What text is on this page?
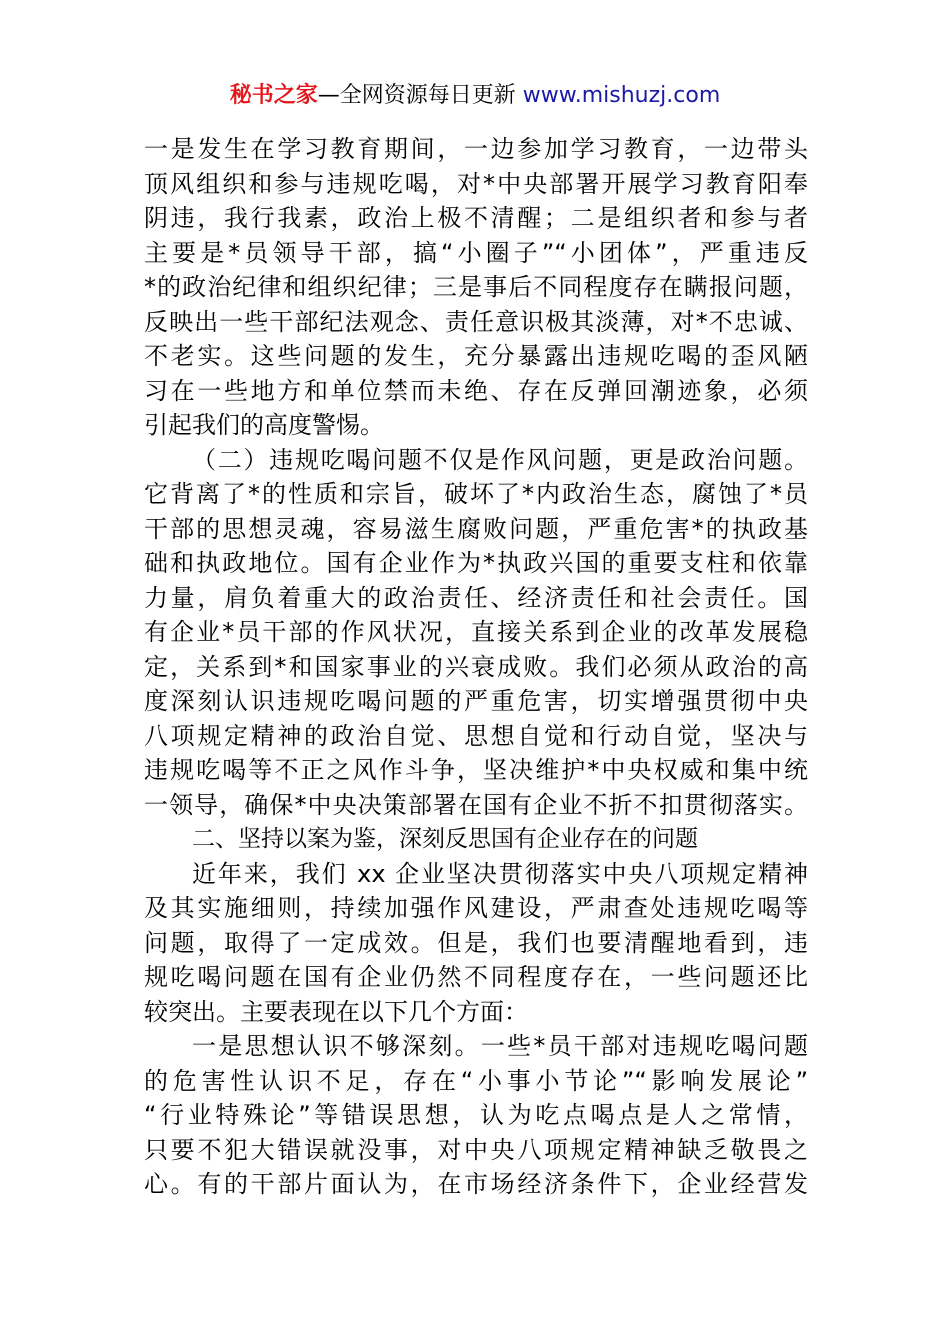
秘书之家—全网资源每日更新 www.mishuzj.com
一是发生在学习教育期间，一边参加学习教育，一边带头
顶风组织和参与违规吃喝，对*中央部署开展学习教育阳奉
阴违，我行我素，政治上极不清醒；二是组织者和参与者
主要是*员领导干部，搞“小圈子”“小团体”，严重违反
*的政治纪律和组织纪律；三是事后不同程度存在瞒报问题，
反映出一些干部纪法观念、责任意识极其淡薄，对*不忠诚、
不老实。这些问题的发生，充分暴露出违规吃喝的歪风陋
习在一些地方和单位禁而未绝、存在反弹回潮迹象，必须
引起我们的高度警惕。
（二）违规吃喝问题不仅是作风问题，更是政治问题。
它背离了*的性质和宗旨，破坏了*内政治生态，腐蚀了*员
干部的思想灵魂，容易滋生腐败问题，严重危害*的执政基
础和执政地位。国有企业作为*执政兴国的重要支柱和依靠
力量，肩负着重大的政治责任、经济责任和社会责任。国
有企业*员干部的作风状况，直接关系到企业的改革发展稳
定，关系到*和国家事业的兴衰成败。我们必须从政治的高
度深刻认识违规吃喝问题的严重危害，切实增强贯彻中央
八项规定精神的政治自觉、思想自觉和行动自觉，坚决与
违规吃喝等不正之风作斗争，坚决维护*中央权威和集中统
一领导，确保*中央决策部署在国有企业不折不扣贯彻落实。
二、坚持以案为鉴，深刻反思国有企业存在的问题
近年来，我们 xx 企业坚决贯彻落实中央八项规定精神
及其实施细则，持续加强作风建设，严肃查处违规吃喝等
问题，取得了一定成效。但是，我们也要清醒地看到，违
规吃喝问题在国有企业仍然不同程度存在，一些问题还比
较突出。主要表现在以下几个方面：
一是思想认识不够深刻。一些*员干部对违规吃喝问题
的危害性认识不足，存在“小事小节论”“影响发展论”
“行业特殊论”等错误思想，认为吃点喝点是人之常情，
只要不犯大错误就没事，对中央八项规定精神缺乏敬畏之
心。有的干部片面认为，在市场经济条件下，企业经营发
